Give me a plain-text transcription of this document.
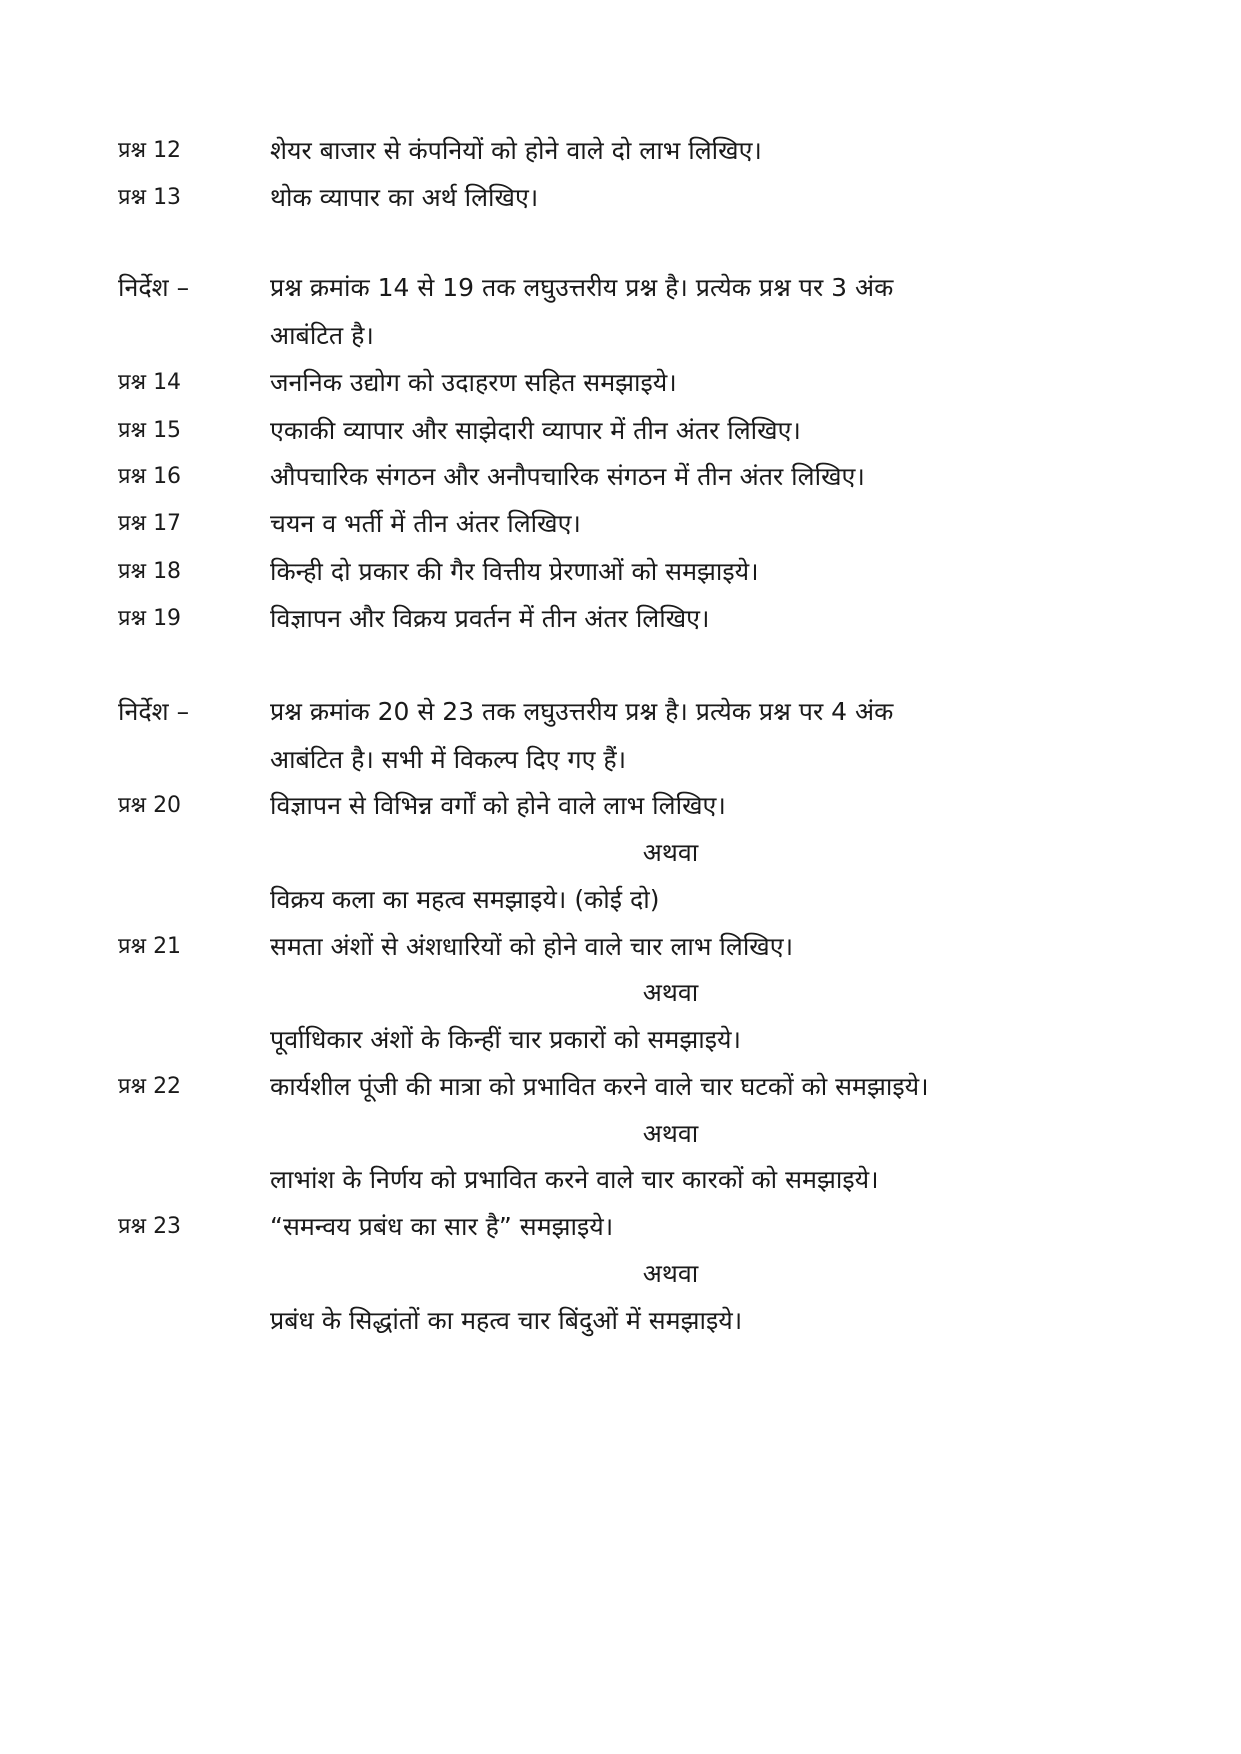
प्रश्न 12	शेयर बाजार से कंपनियों को होने वाले दो लाभ लिखिए।
प्रश्न 13	थोक व्यापार का अर्थ लिखिए।
निर्देश –	प्रश्न क्रमांक 14 से 19 तक लघुउत्तरीय प्रश्न है। प्रत्येक प्रश्न पर 3 अंक
आबंटित है।
प्रश्न 14	जननिक उद्योग को उदाहरण सहित समझाइये।
प्रश्न 15	एकाकी व्यापार और साझेदारी व्यापार में तीन अंतर लिखिए।
प्रश्न 16	औपचारिक संगठन और अनौपचारिक संगठन में तीन अंतर लिखिए।
प्रश्न 17	चयन व भर्ती में तीन अंतर लिखिए।
प्रश्न 18	किन्ही दो प्रकार की गैर वित्तीय प्रेरणाओं को समझाइये।
प्रश्न 19	विज्ञापन और विक्रय प्रवर्तन में तीन अंतर लिखिए।
निर्देश –	प्रश्न क्रमांक 20 से 23 तक लघुउत्तरीय प्रश्न है। प्रत्येक प्रश्न पर 4 अंक
आबंटित है। सभी में विकल्प दिए गए हैं।
प्रश्न 20	विज्ञापन से विभिन्न वर्गों को होने वाले लाभ लिखिए।
अथवा
विक्रय कला का महत्व समझाइये। (कोई दो)
प्रश्न 21	समता अंशों से अंशधारियों को होने वाले चार लाभ लिखिए।
अथवा
पूर्वाधिकार अंशों के किन्हीं चार प्रकारों को समझाइये।
प्रश्न 22	कार्यशील पूंजी की मात्रा को प्रभावित करने वाले चार घटकों को समझाइये।
अथवा
लाभांश के निर्णय को प्रभावित करने वाले चार कारकों को समझाइये।
प्रश्न 23	“समन्वय प्रबंध का सार है” समझाइये।
अथवा
प्रबंध के सिद्धांतों का महत्व चार बिंदुओं में समझाइये।
